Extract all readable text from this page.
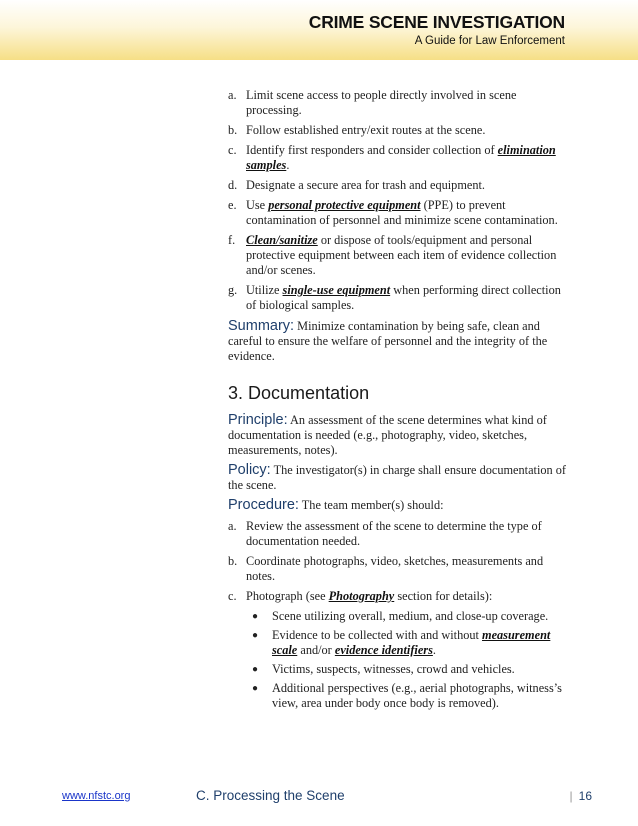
CRIME SCENE INVESTIGATION
A Guide for Law Enforcement
a. Limit scene access to people directly involved in scene processing.
b. Follow established entry/exit routes at the scene.
c. Identify first responders and consider collection of elimination samples.
d. Designate a secure area for trash and equipment.
e. Use personal protective equipment (PPE) to prevent contamination of personnel and minimize scene contamination.
f. Clean/sanitize or dispose of tools/equipment and personal protective equipment between each item of evidence collection and/or scenes.
g. Utilize single-use equipment when performing direct collection of biological samples.

Summary: Minimize contamination by being safe, clean and careful to ensure the welfare of personnel and the integrity of the evidence.

3. Documentation

Principle: An assessment of the scene determines what kind of documentation is needed (e.g., photography, video, sketches, measurements, notes).

Policy: The investigator(s) in charge shall ensure documentation of the scene.

Procedure: The team member(s) should:

a. Review the assessment of the scene to determine the type of documentation needed.
b. Coordinate photographs, video, sketches, measurements and notes.
c. Photograph (see Photography section for details):
●	Scene utilizing overall, medium, and close-up coverage.
●	Evidence to be collected with and without measurement scale and/or evidence identifiers.
●	Victims, suspects, witnesses, crowd and vehicles.
●	Additional perspectives (e.g., aerial photographs, witness’s view, area under body once body is removed).
www.nfstc.org	C. Processing the Scene	| 16
